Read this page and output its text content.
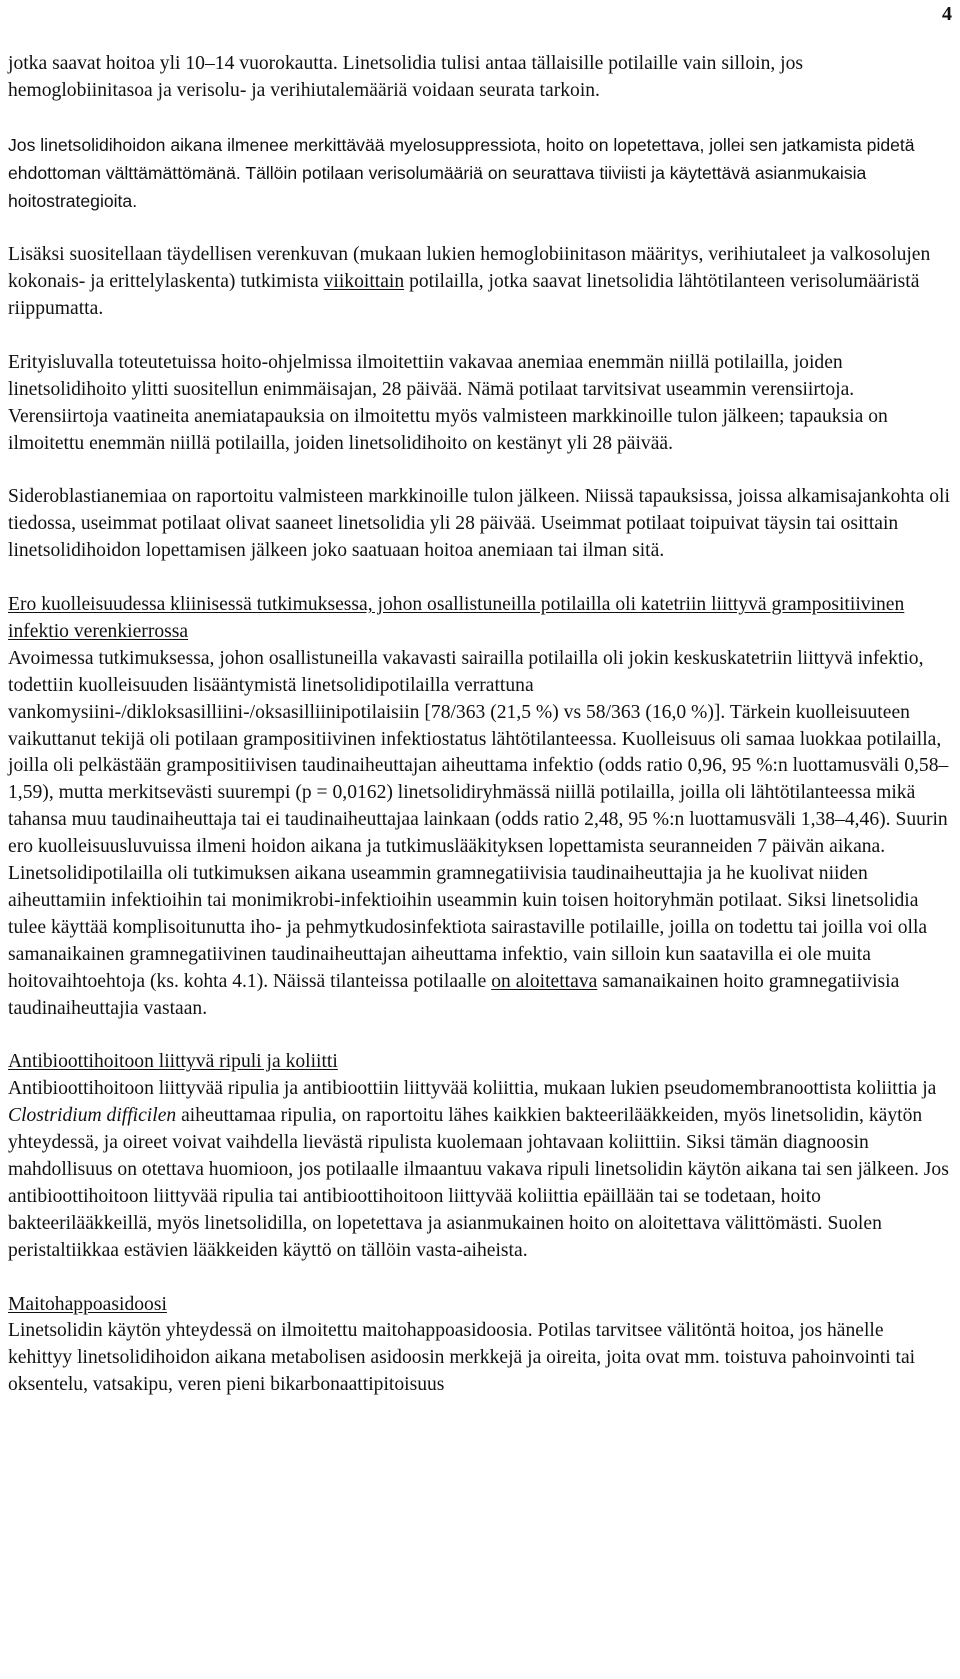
4

jotka saavat hoitoa yli 10–14 vuorokautta. Linetsolidia tulisi antaa tällaisille potilaille vain silloin, jos hemoglobiinitasoa ja verisolu- ja verihiutalemääriä voidaan seurata tarkoin.

Jos linetsolidihoidon aikana ilmenee merkittävää myelosuppressiota, hoito on lopetettava, jollei sen jatkamista pidetä ehdottoman välttämättömänä. Tällöin potilaan verisolumääriä on seurattava tiiviisti ja käytettävä asianmukaisia hoitostrategioita.

Lisäksi suositellaan täydellisen verenkuvan (mukaan lukien hemoglobiinitason määritys, verihiutaleet ja valkosolujen kokonais- ja erittelylaskenta) tutkimista viikoittain potilailla, jotka saavat linetsolidia lähtötilanteen verisolumääristä riippumatta.

Erityisluvalla toteutetuissa hoito-ohjelmissa ilmoitettiin vakavaa anemiaa enemmän niillä potilailla, joiden linetsolidihoito ylitti suositellun enimmäisajan, 28 päivää. Nämä potilaat tarvitsivat useammin verensiirtoja. Verensiirtoja vaatineita anemiatapauksia on ilmoitettu myös valmisteen markkinoille tulon jälkeen; tapauksia on ilmoitettu enemmän niillä potilailla, joiden linetsolidihoito on kestänyt yli 28 päivää.

Sideroblastianemiaa on raportoitu valmisteen markkinoille tulon jälkeen. Niissä tapauksissa, joissa alkamisajankohta oli tiedossa, useimmat potilaat olivat saaneet linetsolidia yli 28 päivää. Useimmat potilaat toipuivat täysin tai osittain linetsolidihoidon lopettamisen jälkeen joko saatuaan hoitoa anemiaan tai ilman sitä.

Ero kuolleisuudessa kliinisessä tutkimuksessa, johon osallistuneilla potilailla oli katetriin liittyvä grampositiivinen infektio verenkierrossa
Avoimessa tutkimuksessa, johon osallistuneilla vakavasti sairailla potilailla oli jokin keskuskatetriin liittyvä infektio, todettiin kuolleisuuden lisääntymistä linetsolidipotilailla verrattuna vankomysiini-/dikloksasilliini-/oksasilliinipotilaisiin [78/363 (21,5 %) vs 58/363 (16,0 %)]. Tärkein kuolleisuuteen vaikuttanut tekijä oli potilaan grampositiivinen infektiostatus lähtötilanteessa. Kuolleisuus oli samaa luokkaa potilailla, joilla oli pelkästään grampositiivisen taudinaiheuttajan aiheuttama infektio (odds ratio 0,96, 95 %:n luottamusväli 0,58–1,59), mutta merkitsevästi suurempi (p = 0,0162) linetsolidiryhmässä niillä potilailla, joilla oli lähtötilanteessa mikä tahansa muu taudinaiheuttaja tai ei taudinaiheuttajaa lainkaan (odds ratio 2,48, 95 %:n luottamusväli 1,38–4,46). Suurin ero kuolleisuusluvuissa ilmeni hoidon aikana ja tutkimuslääkityksen lopettamista seuranneiden 7 päivän aikana. Linetsolidipotilailla oli tutkimuksen aikana useammin gramnegatiivisia taudinaiheuttajia ja he kuolivat niiden aiheuttamiin infektioihin tai monimikrobi-infektioihin useammin kuin toisen hoitoryhmän potilaat. Siksi linetsolidia tulee käyttää komplisoitunutta iho- ja pehmytkudosinfektiota sairastaville potilaille, joilla on todettu tai joilla voi olla samanaikainen gramnegatiivinen taudinaiheuttajan aiheuttama infektio, vain silloin kun saatavilla ei ole muita hoitovaihtoehtoja (ks. kohta 4.1). Näissä tilanteissa potilaalle on aloitettava samanaikainen hoito gramnegatiivisia taudinaiheuttajia vastaan.

Antibioottihoitoon liittyvä ripuli ja koliitti
Antibioottihoitoon liittyvää ripulia ja antibioottiin liittyvää koliittia, mukaan lukien pseudomembranoottista koliittia ja Clostridium difficilen aiheuttamaa ripulia, on raportoitu lähes kaikkien bakteerilääkkeiden, myös linetsolidin, käytön yhteydessä, ja oireet voivat vaihdella lievästä ripulista kuolemaan johtavaan koliittiin. Siksi tämän diagnoosin mahdollisuus on otettava huomioon, jos potilaalle ilmaantuu vakava ripuli linetsolidin käytön aikana tai sen jälkeen. Jos antibioottihoitoon liittyvää ripulia tai antibioottihoitoon liittyvää koliittia epäillään tai se todetaan, hoito bakteerilääkkeillä, myös linetsolidilla, on lopetettava ja asianmukainen hoito on aloitettava välittömästi. Suolen peristaltiikkaa estävien lääkkeiden käyttö on tällöin vasta-aiheista.

Maitohappoasidoosi
Linetsolidin käytön yhteydessä on ilmoitettu maitohappoasidoosia. Potilas tarvitsee välitöntä hoitoa, jos hänelle kehittyy linetsolidihoidon aikana metabolisen asidoosin merkkejä ja oireita, joita ovat mm. toistuva pahoinvointi tai oksentelu, vatsakipu, veren pieni bikarbonaattipitoisuus
